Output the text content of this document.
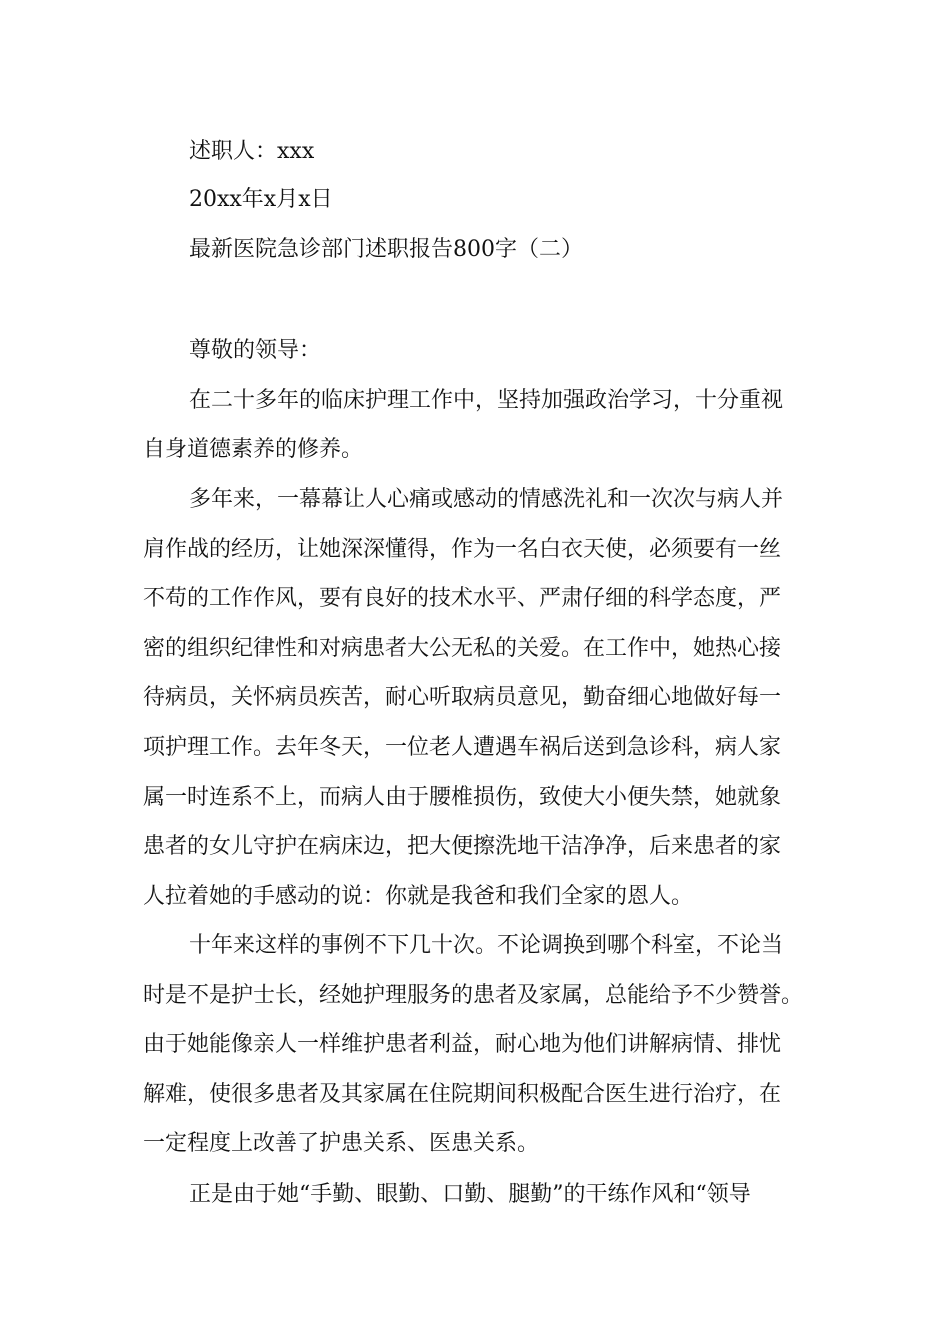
述职人：xxx
20xx年x月x日
最新医院急诊部门述职报告800字（二）
尊敬的领导：
在二十多年的临床护理工作中，坚持加强政治学习，十分重视
自身道德素养的修养。
多年来，一幕幕让人心痛或感动的情感洗礼和一次次与病人并
肩作战的经历，让她深深懂得，作为一名白衣天使，必须要有一丝
不苟的工作作风，要有良好的技术水平、严肃仔细的科学态度，严
密的组织纪律性和对病患者大公无私的关爱。在工作中，她热心接
待病员，关怀病员疾苦，耐心听取病员意见，勤奋细心地做好每一
项护理工作。去年冬天，一位老人遭遇车祸后送到急诊科，病人家
属一时连系不上，而病人由于腰椎损伤，致使大小便失禁，她就象
患者的女儿守护在病床边，把大便擦洗地干洁净净，后来患者的家
人拉着她的手感动的说：你就是我爸和我们全家的恩人。
十年来这样的事例不下几十次。不论调换到哪个科室，不论当
时是不是护士长，经她护理服务的患者及家属，总能给予不少赞誉。
由于她能像亲人一样维护患者利益，耐心地为他们讲解病情、排忧
解难，使很多患者及其家属在住院期间积极配合医生进行治疗，在
一定程度上改善了护患关系、医患关系。
正是由于她“手勤、眼勤、口勤、腿勤”的干练作风和“领导
